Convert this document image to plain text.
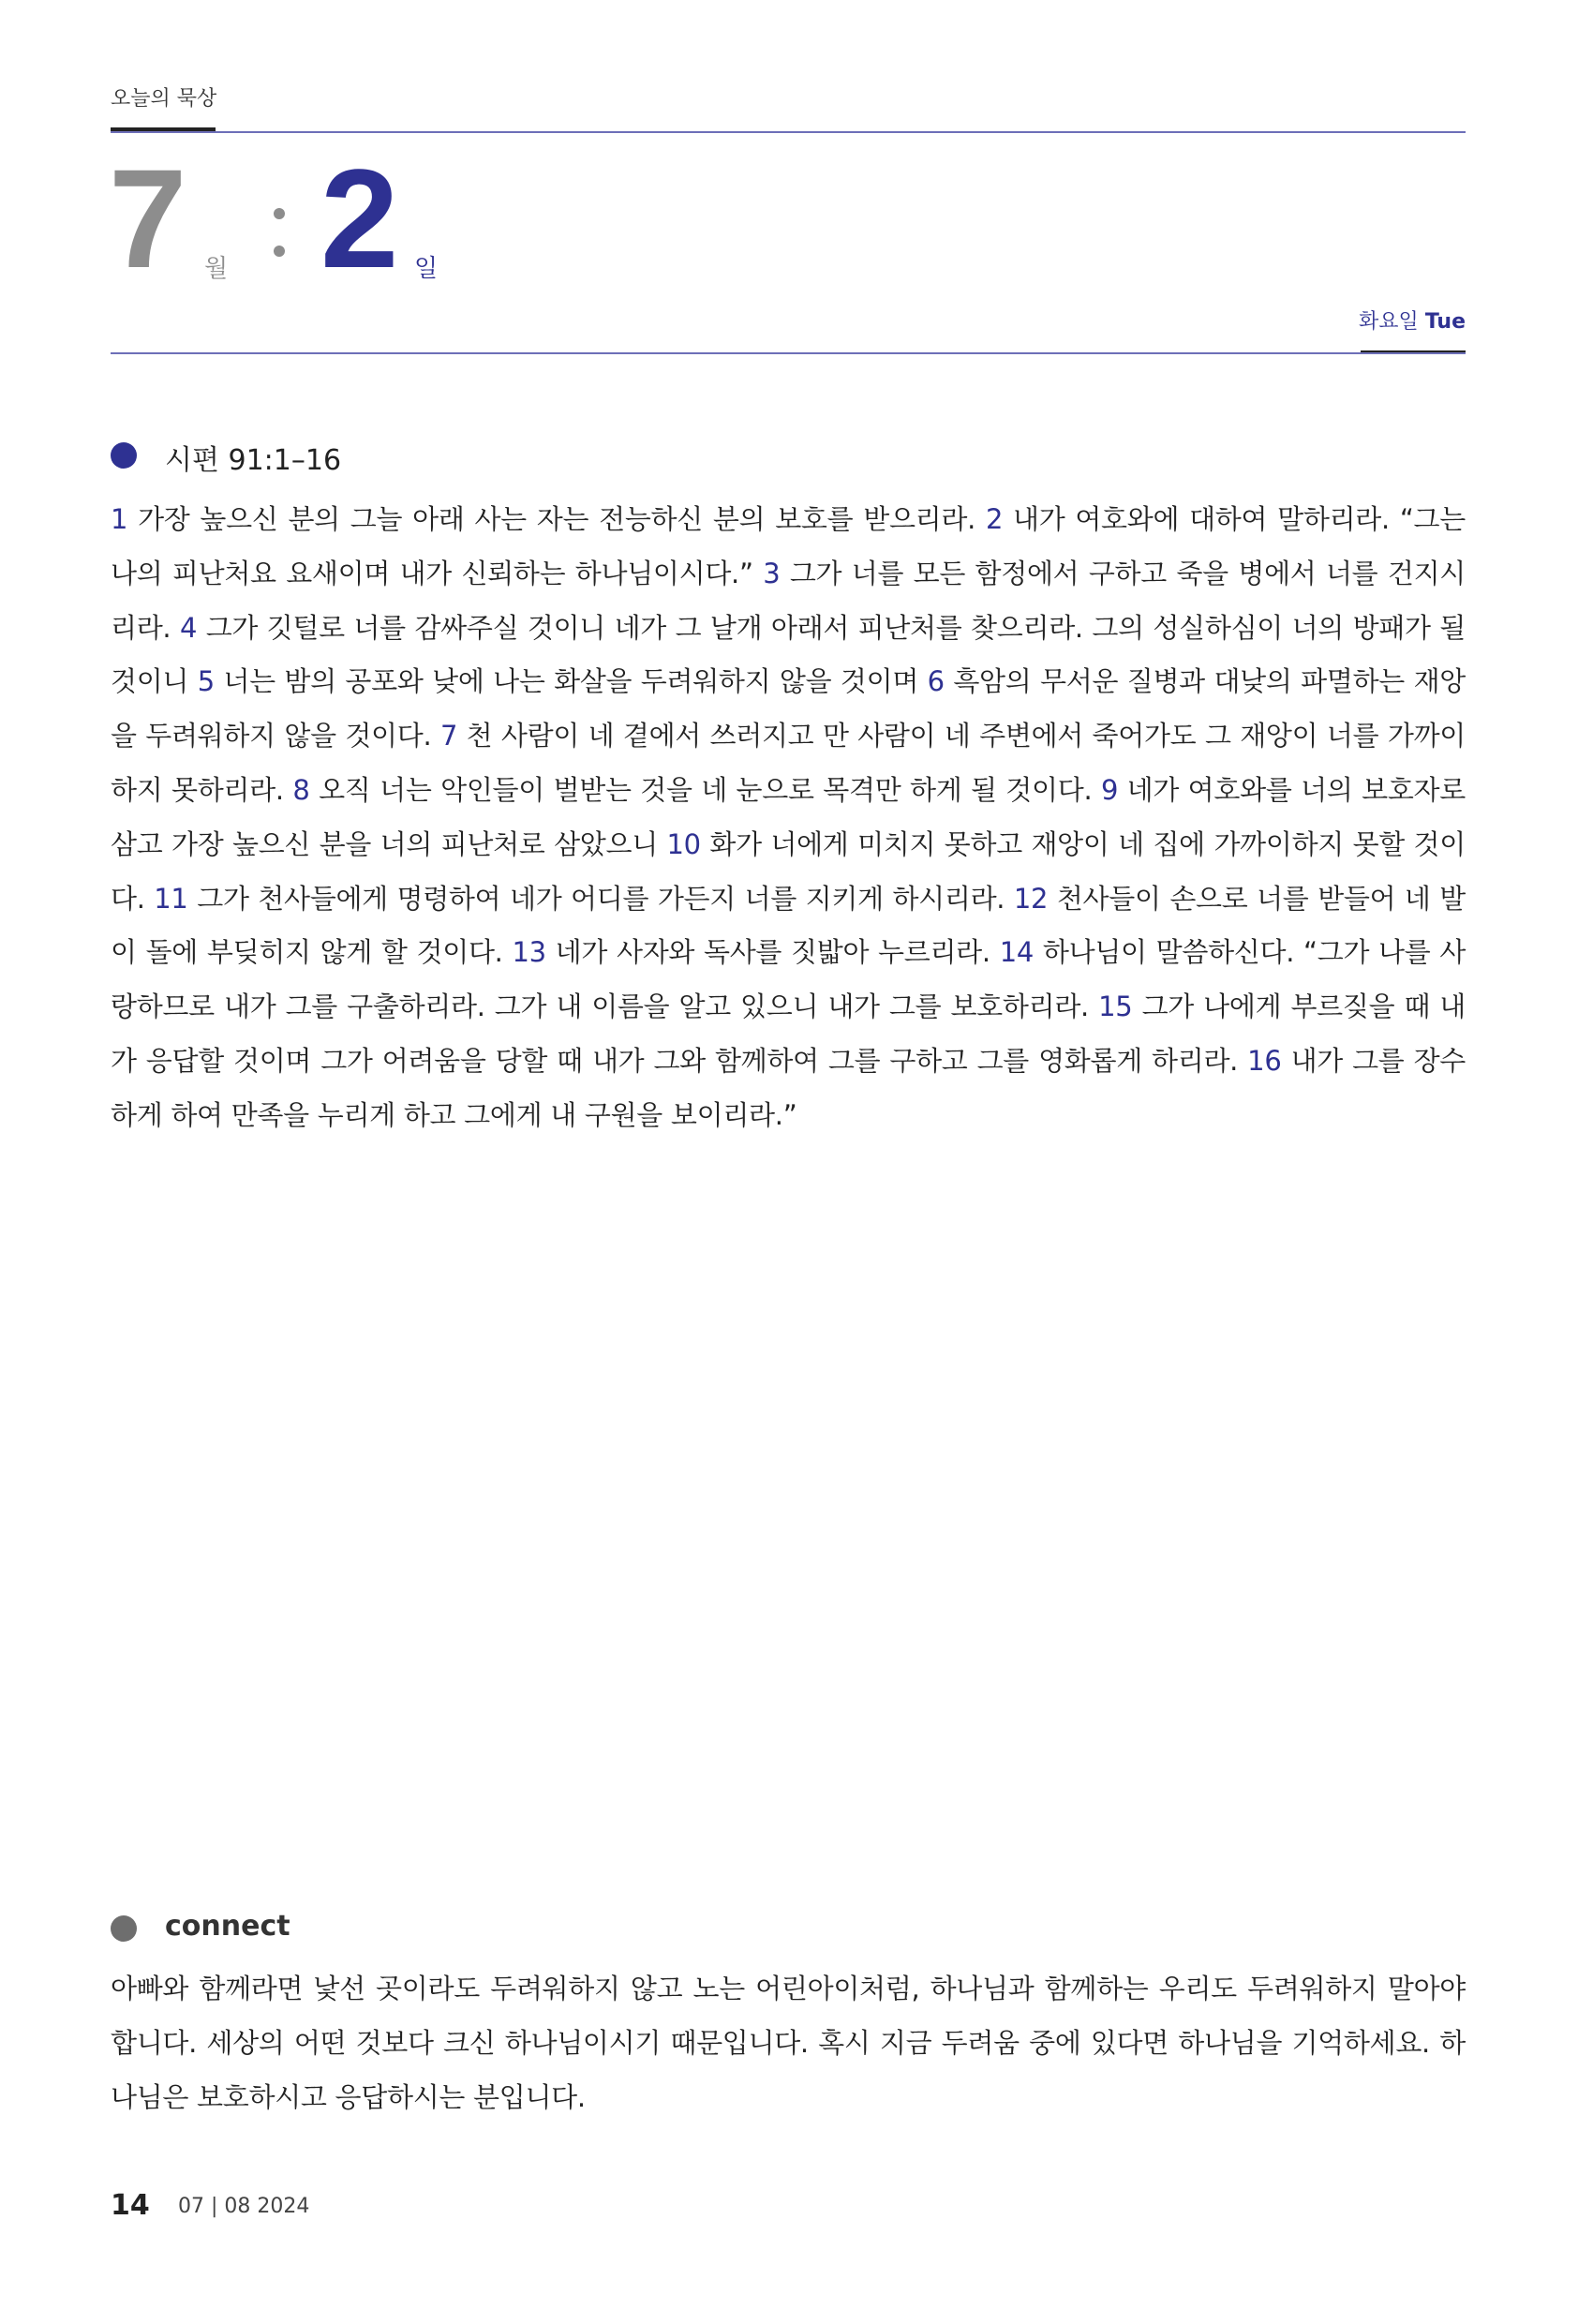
오늘의 묵상
7 월 2 일
화요일 Tue
시편 91:1–16
1 가장 높으신 분의 그늘 아래 사는 자는 전능하신 분의 보호를 받으리라. 2 내가 여호와에 대하여 말하리라. “그는 나의 피난처요 요새이며 내가 신뢰하는 하나님이시다.” 3 그가 너를 모든 함정에서 구하고 죽을 병에서 너를 건지시리라. 4 그가 깃털로 너를 감싸주실 것이니 네가 그 날개 아래서 피난처를 찾으리라. 그의 성실하심이 너의 방패가 될 것이니 5 너는 밤의 공포와 낮에 나는 화살을 두려워하지 않을 것이며 6 흑암의 무서운 질병과 대낮의 파멸하는 재앙을 두려워하지 않을 것이다. 7 천 사람이 네 곁에서 쓰러지고 만 사람이 네 주변에서 죽어가도 그 재앙이 너를 가까이하지 못하리라. 8 오직 너는 악인들이 벌받는 것을 네 눈으로 목격만 하게 될 것이다. 9 네가 여호와를 너의 보호자로 삼고 가장 높으신 분을 너의 피난처로 삼았으니 10 화가 너에게 미치지 못하고 재앙이 네 집에 가까이하지 못할 것이다. 11 그가 천사들에게 명령하여 네가 어디를 가든지 너를 지키게 하시리라. 12 천사들이 손으로 너를 받들어 네 발이 돌에 부딪히지 않게 할 것이다. 13 네가 사자와 독사를 짓밟아 누르리라. 14 하나님이 말씀하신다. “그가 나를 사랑하므로 내가 그를 구출하리라. 그가 내 이름을 알고 있으니 내가 그를 보호하리라. 15 그가 나에게 부르짖을 때 내가 응답할 것이며 그가 어려움을 당할 때 내가 그와 함께하여 그를 구하고 그를 영화롭게 하리라. 16 내가 그를 장수하게 하여 만족을 누리게 하고 그에게 내 구원을 보이리라.”
connect
아빠와 함께라면 낯선 곳이라도 두려워하지 않고 노는 어린아이처럼, 하나님과 함께하는 우리도 두려워하지 말아야 합니다. 세상의 어떤 것보다 크신 하나님이시기 때문입니다. 혹시 지금 두려움 중에 있다면 하나님을 기억하세요. 하나님은 보호하시고 응답하시는 분입니다.
14 07 | 08 2024
